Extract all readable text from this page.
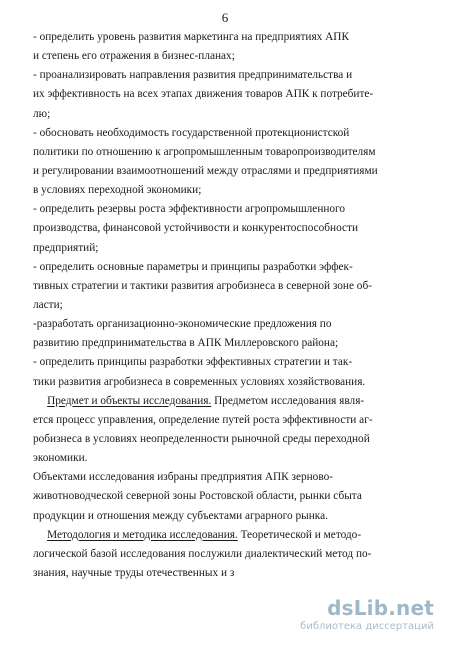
6
- определить уровень развития маркетинга на предприятиях АПК
и степень его отражения в бизнес-планах;
- проанализировать направления развития предпринимательства и
их эффективность на всех этапах движения товаров АПК к потребите-
лю;
- обосновать необходимость государственной протекционистской
политики по отношению к агропромышленным товаропроизводителям
и регулировании взаимоотношений между отраслями и предприятиями
в условиях переходной экономики;
- определить резервы роста эффективности агропромышленного
производства, финансовой устойчивости и конкурентоспособности
предприятий;
- определить основные параметры и принципы разработки эффек-
тивных стратегии и тактики развития агробизнеса в северной зоне об-
ласти;
-разработать организационно-экономические предложения по
развитию предпринимательства в АПК Миллеровского района;
- определить принципы разработки эффективных стратегии и так-
тики развития агробизнеса в современных условиях хозяйствования.
Предмет и объекты исследования. Предметом исследования явля-
ется процесс управления, определение путей роста эффективности аг-
робизнеса в условиях неопределенности рыночной среды переходной
экономики.
Объектами исследования избраны предприятия АПК зерново-
животноводческой северной зоны Ростовской области, рынки сбыта
продукции и отношения между субъектами аграрного рынка.
Методология и методика исследования. Теоретической и методо-
логической базой исследования послужили диалектический метод по-
знания, научные труды отечественных и з
dsLib.net
библиотека диссертаций
